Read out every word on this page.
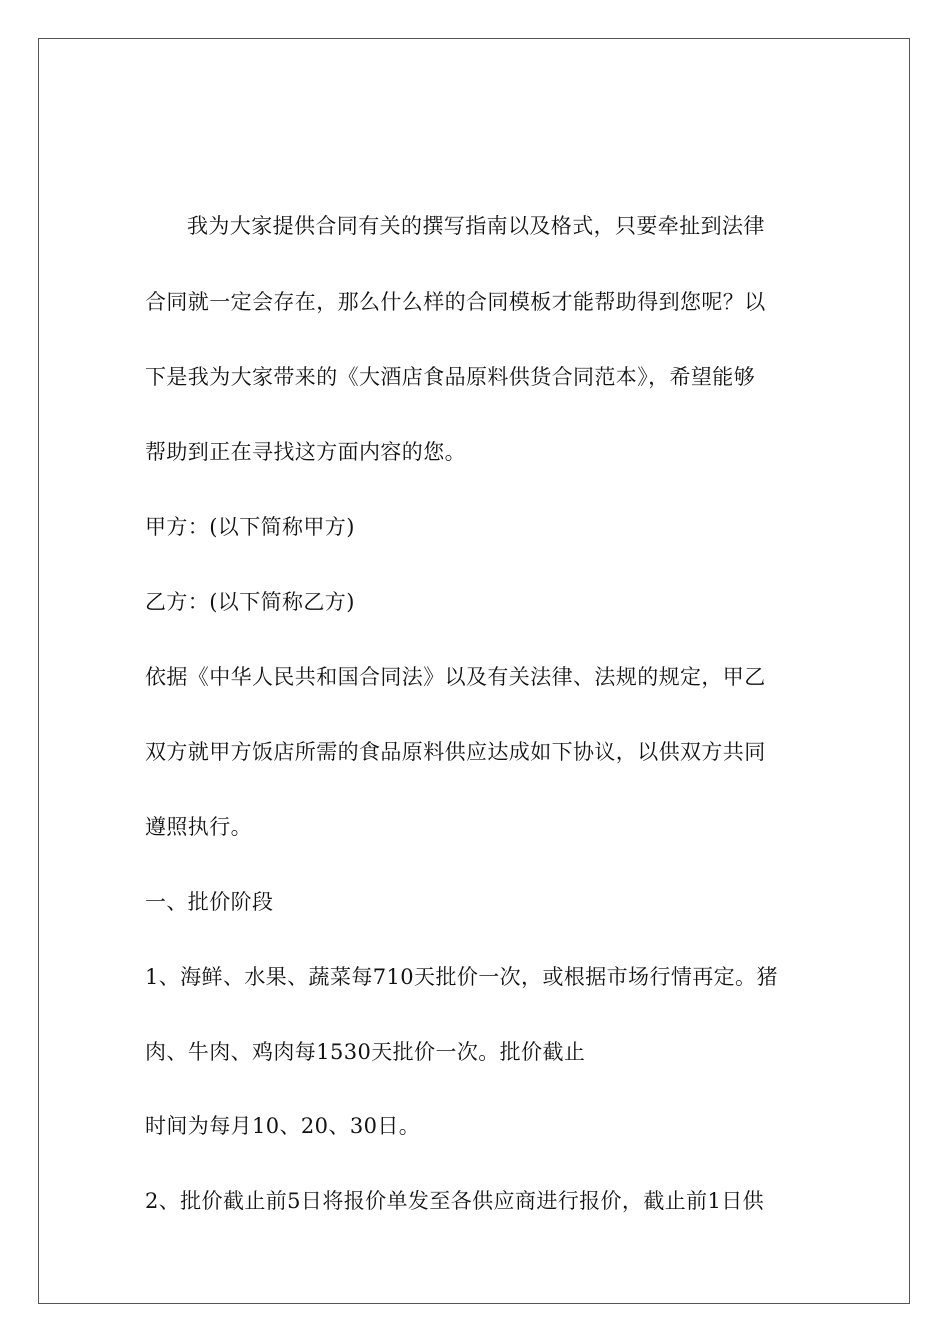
我为大家提供合同有关的撰写指南以及格式，只要牵扯到法律
合同就一定会存在，那么什么样的合同模板才能帮助得到您呢？以
下是我为大家带来的《大酒店食品原料供货合同范本》，希望能够
帮助到正在寻找这方面内容的您。
甲方：(以下简称甲方)
乙方：(以下简称乙方)
依据《中华人民共和国合同法》以及有关法律、法规的规定，甲乙
双方就甲方饭店所需的食品原料供应达成如下协议，以供双方共同
遵照执行。
一、批价阶段
1、海鲜、水果、蔬菜每710天批价一次，或根据市场行情再定。猪
肉、牛肉、鸡肉每1530天批价一次。批价截止
时间为每月10、20、30日。
2、批价截止前5日将报价单发至各供应商进行报价，截止前1日供
